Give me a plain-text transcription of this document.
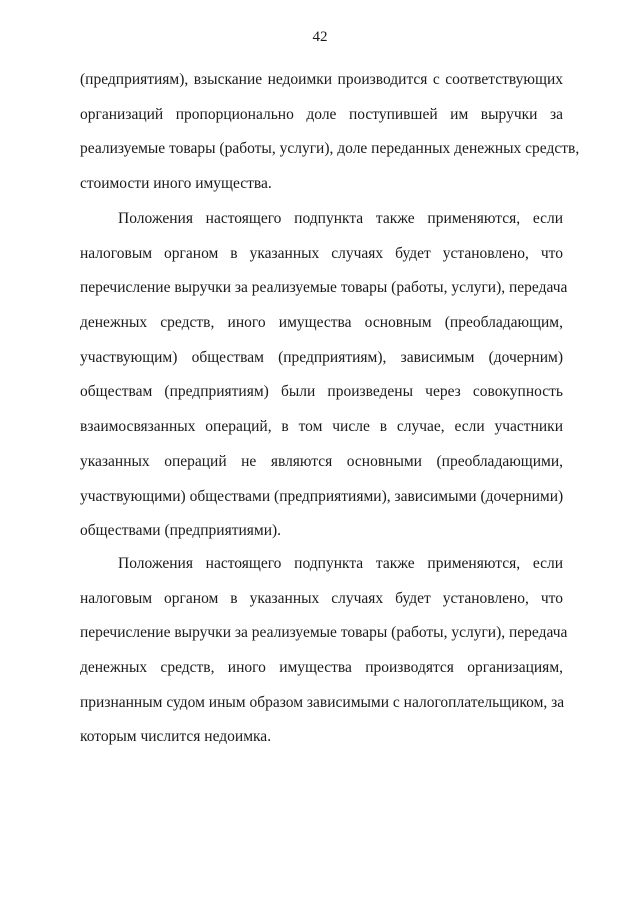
42
(предприятиям), взыскание недоимки производится с соответствующих
организаций пропорционально доле поступившей им выручки за
реализуемые товары (работы, услуги), доле переданных денежных средств,
стоимости иного имущества.
Положения настоящего подпункта также применяются, если
налоговым органом в указанных случаях будет установлено, что
перечисление выручки за реализуемые товары (работы, услуги), передача
денежных средств, иного имущества основным (преобладающим,
участвующим) обществам (предприятиям), зависимым (дочерним)
обществам (предприятиям) были произведены через совокупность
взаимосвязанных операций, в том числе в случае, если участники
указанных операций не являются основными (преобладающими,
участвующими) обществами (предприятиями), зависимыми (дочерними)
обществами (предприятиями).
Положения настоящего подпункта также применяются, если
налоговым органом в указанных случаях будет установлено, что
перечисление выручки за реализуемые товары (работы, услуги), передача
денежных средств, иного имущества производятся организациям,
признанным судом иным образом зависимыми с налогоплательщиком, за
которым числится недоимка.
